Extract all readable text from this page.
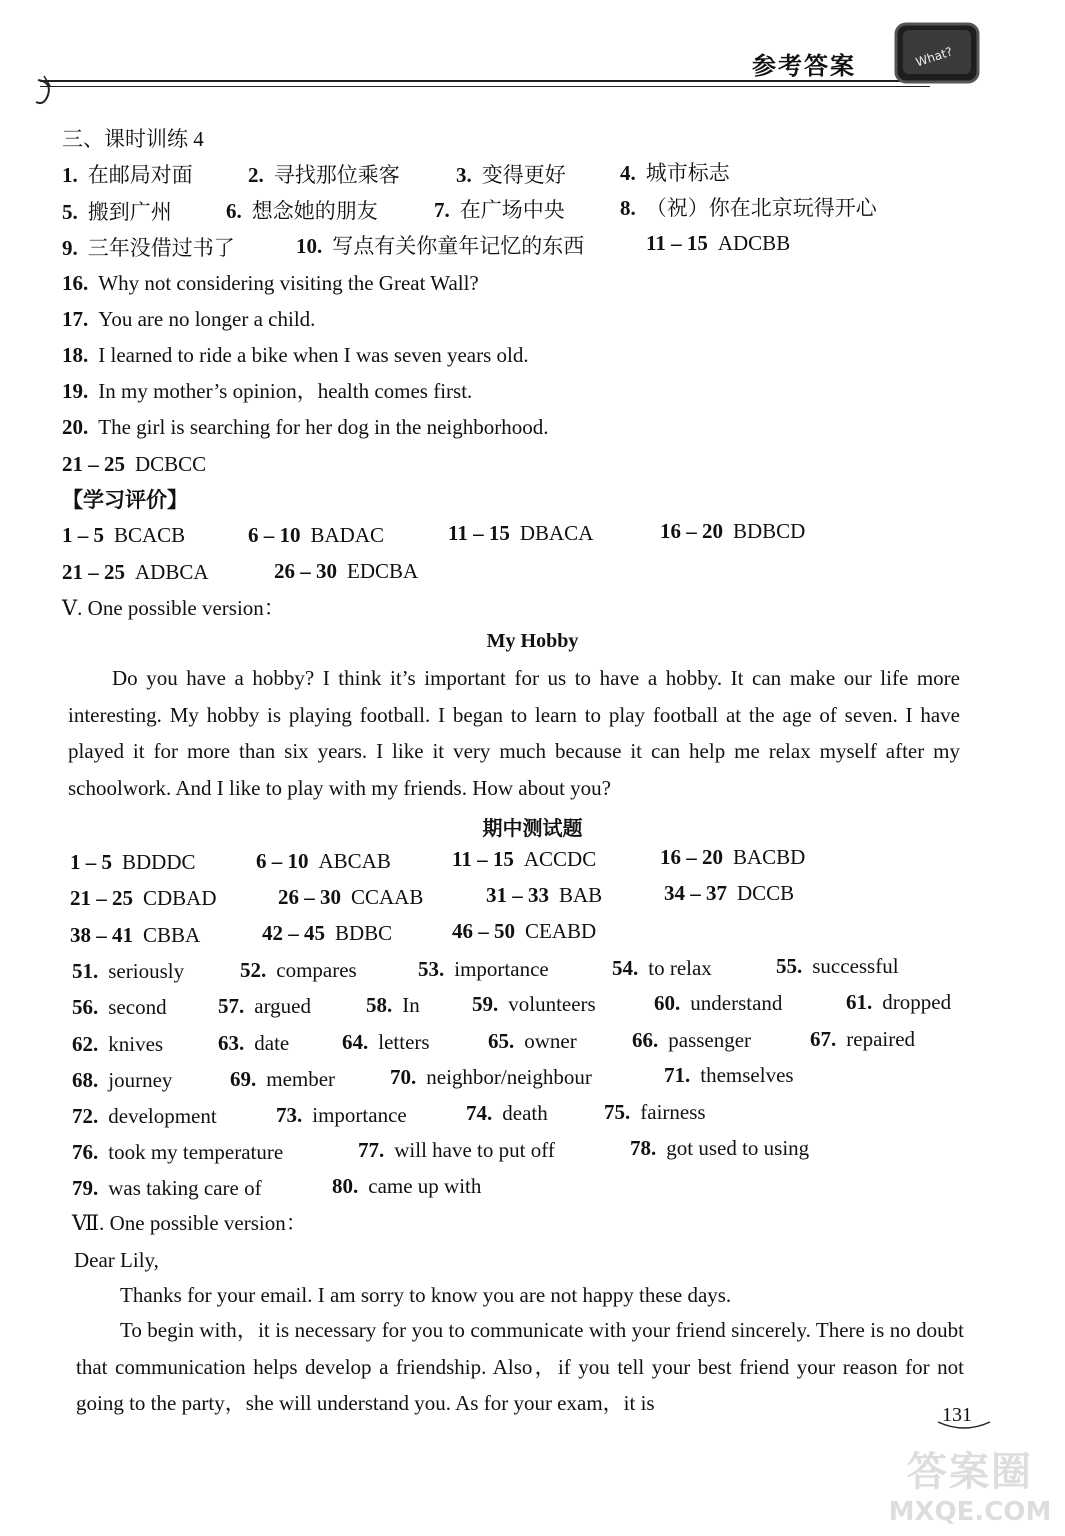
参考答案	What?
三、课时训练 4
1. 在邮局对面	2. 寻找那位乘客	3. 变得更好	4. 城市标志
5. 搬到广州	6. 想念她的朋友	7. 在广场中央	8. （祝）你在北京玩得开心
9. 三年没借过书了	10. 写点有关你童年记忆的东西	11 – 15 ADCBB
16. Why not considering visiting the Great Wall?
17. You are no longer a child.
18. I learned to ride a bike when I was seven years old.
19. In my mother’s opinion，health comes first.
20. The girl is searching for her dog in the neighborhood.
21 – 25 DCBCC
【学习评价】
1 – 5 BCACB	6 – 10 BADAC	11 – 15 DBACA	16 – 20 BDBCD
21 – 25 ADBCA	26 – 30 EDCBA
Ⅴ. One possible version：
My Hobby
Do you have a hobby? I think it’s important for us to have a hobby. It can make our life more interesting. My hobby is playing football. I began to learn to play football at the age of seven. I have played it for more than six years. I like it very much because it can help me relax myself after my schoolwork. And I like to play with my friends. How about you?
期中测试题
1 – 5 BDDDC	6 – 10 ABCAB	11 – 15 ACCDC	16 – 20 BACBD
21 – 25 CDBAD	26 – 30 CCAAB	31 – 33 BAB	34 – 37 DCCB
38 – 41 CBBA	42 – 45 BDBC	46 – 50 CEABD
51. seriously	52. compares	53. importance	54. to relax	55. successful
56. second 57. argued	58. In 59. volunteers	60. understand	61. dropped
62. knives	63. date	64. letters	65. owner	66. passenger	67. repaired
68. journey	69. member	70. neighbor/neighbour	71. themselves
72. development	73. importance	74. death	75. fairness
76. took my temperature	77. will have to put off	78. got used to using
79. was taking care of	80. came up with
Ⅶ. One possible version：
Dear Lily,
Thanks for your email. I am sorry to know you are not happy these days.
To begin with，it is necessary for you to communicate with your friend sincerely. There is no doubt that communication helps develop a friendship. Also，if you tell your best friend your reason for not going to the party，she will understand you. As for your exam，it is	131
答案圈
MXQE.COM
